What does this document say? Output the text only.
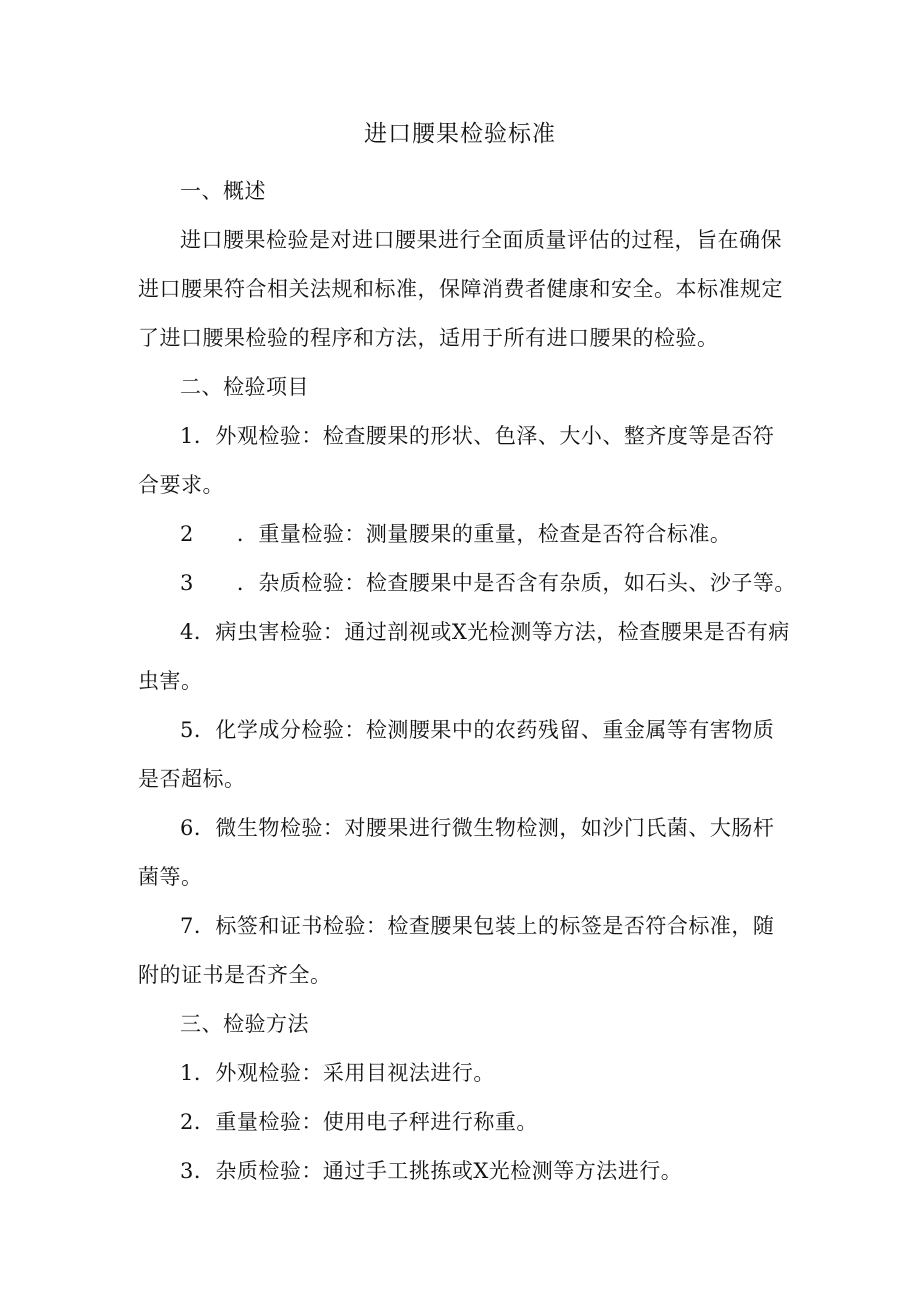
进口腰果检验标准
一、概述
进口腰果检验是对进口腰果进行全面质量评估的过程，旨在确保
进口腰果符合相关法规和标准，保障消费者健康和安全。本标准规定
了进口腰果检验的程序和方法，适用于所有进口腰果的检验。
二、检验项目
1．外观检验：检查腰果的形状、色泽、大小、整齐度等是否符
合要求。
2　　．重量检验：测量腰果的重量，检查是否符合标准。
3　　．杂质检验：检查腰果中是否含有杂质，如石头、沙子等。
4．病虫害检验：通过剖视或X光检测等方法，检查腰果是否有病
虫害。
5．化学成分检验：检测腰果中的农药残留、重金属等有害物质
是否超标。
6．微生物检验：对腰果进行微生物检测，如沙门氏菌、大肠杆
菌等。
7．标签和证书检验：检查腰果包装上的标签是否符合标准，随
附的证书是否齐全。
三、检验方法
1．外观检验：采用目视法进行。
2．重量检验：使用电子秤进行称重。
3．杂质检验：通过手工挑拣或X光检测等方法进行。
